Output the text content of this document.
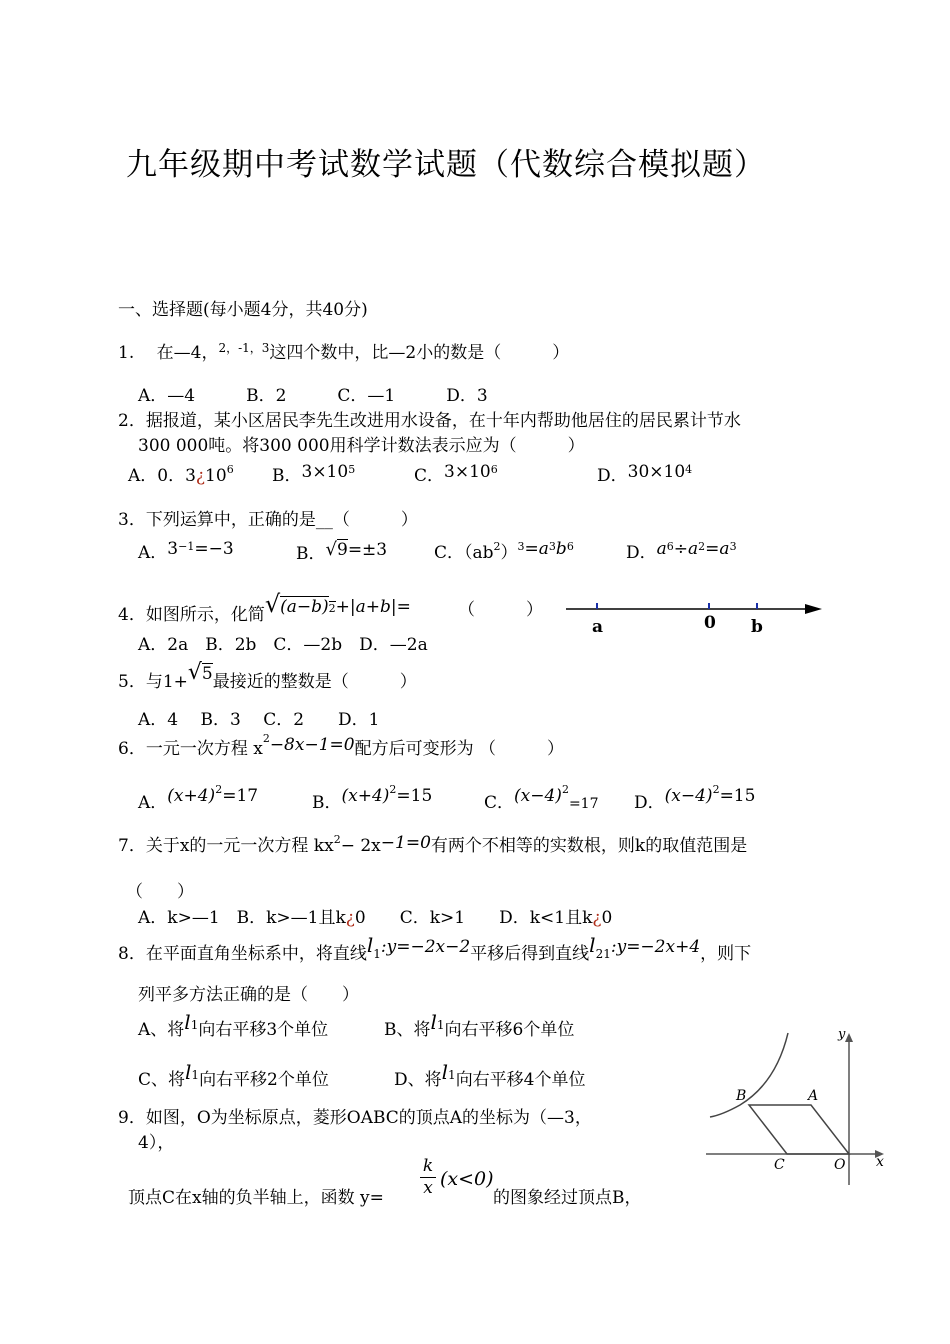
九年级期中考试数学试题（代数综合模拟题）
一、选择题(每小题4分，共40分)
1.　 在—4，$^{2,-1,3}$这四个数中，比—2小的数是（　　　）
A．—4　　　B．2　　　C．—1　　　D．3
2．据报道，某小区居民李先生改进用水设备，在十年内帮助他居住的居民累计节水
300 000吨。将300 000用科学计数法表示应为（　　　）
A．0．$3¿10^6$ B．$3\times 10^5$	C．$3\times 10^6$	D．$30\times 10^4$
3．下列运算中，正确的是__（　　　）
A．$3^{-1}=-3$	B．√9=±3	C．$(ab^2)^3=a^3b^6$	D．$a^6\div a^2=a^3$
4．如图所示，化简√(a−b)2+|a+b|=	（　　　）
A．2a　B．2b　C．—2b　D．—2a
a	0 b
5．与1+√5最接近的整数是（　　　）
A．4　 B．3　 C．2　　D．1
6．一元一次方程 $x^2-8x-1=0$配方后可变形为 （　　　）
A．$(x+4)^2=17$	B．$(x+4)^2=15$	C．$(x-4)^2_{=17}$ D．$(x-4)^2=15$
7．关于x的一元一次方程 $kx^2- 2x-1=0$有两个不相等的实数根，则k的取值范围是
（　　）
A．k>—1　B．k>—1且k¿0　　C．k>1　　D．k<1且k¿0
8．在平面直角坐标系中，将直线$l_1:y=-2x-2$平移后得到直线$l_{21}:y=-2x+4$，则下
列平多方法正确的是（　　）
A、将l1向右平移3个单位	B、将l1向右平移6个单位
C、将l1向右平移2个单位	D、将l1向右平移4个单位
9．如图，O为坐标原点，菱形OABC的顶点A的坐标为（—3，
4），
顶点C在x轴的负半轴上，函数 y=
$\frac{k}{x} (x<0)$
的图象经过顶点B，
y
x
A
B
C	O
